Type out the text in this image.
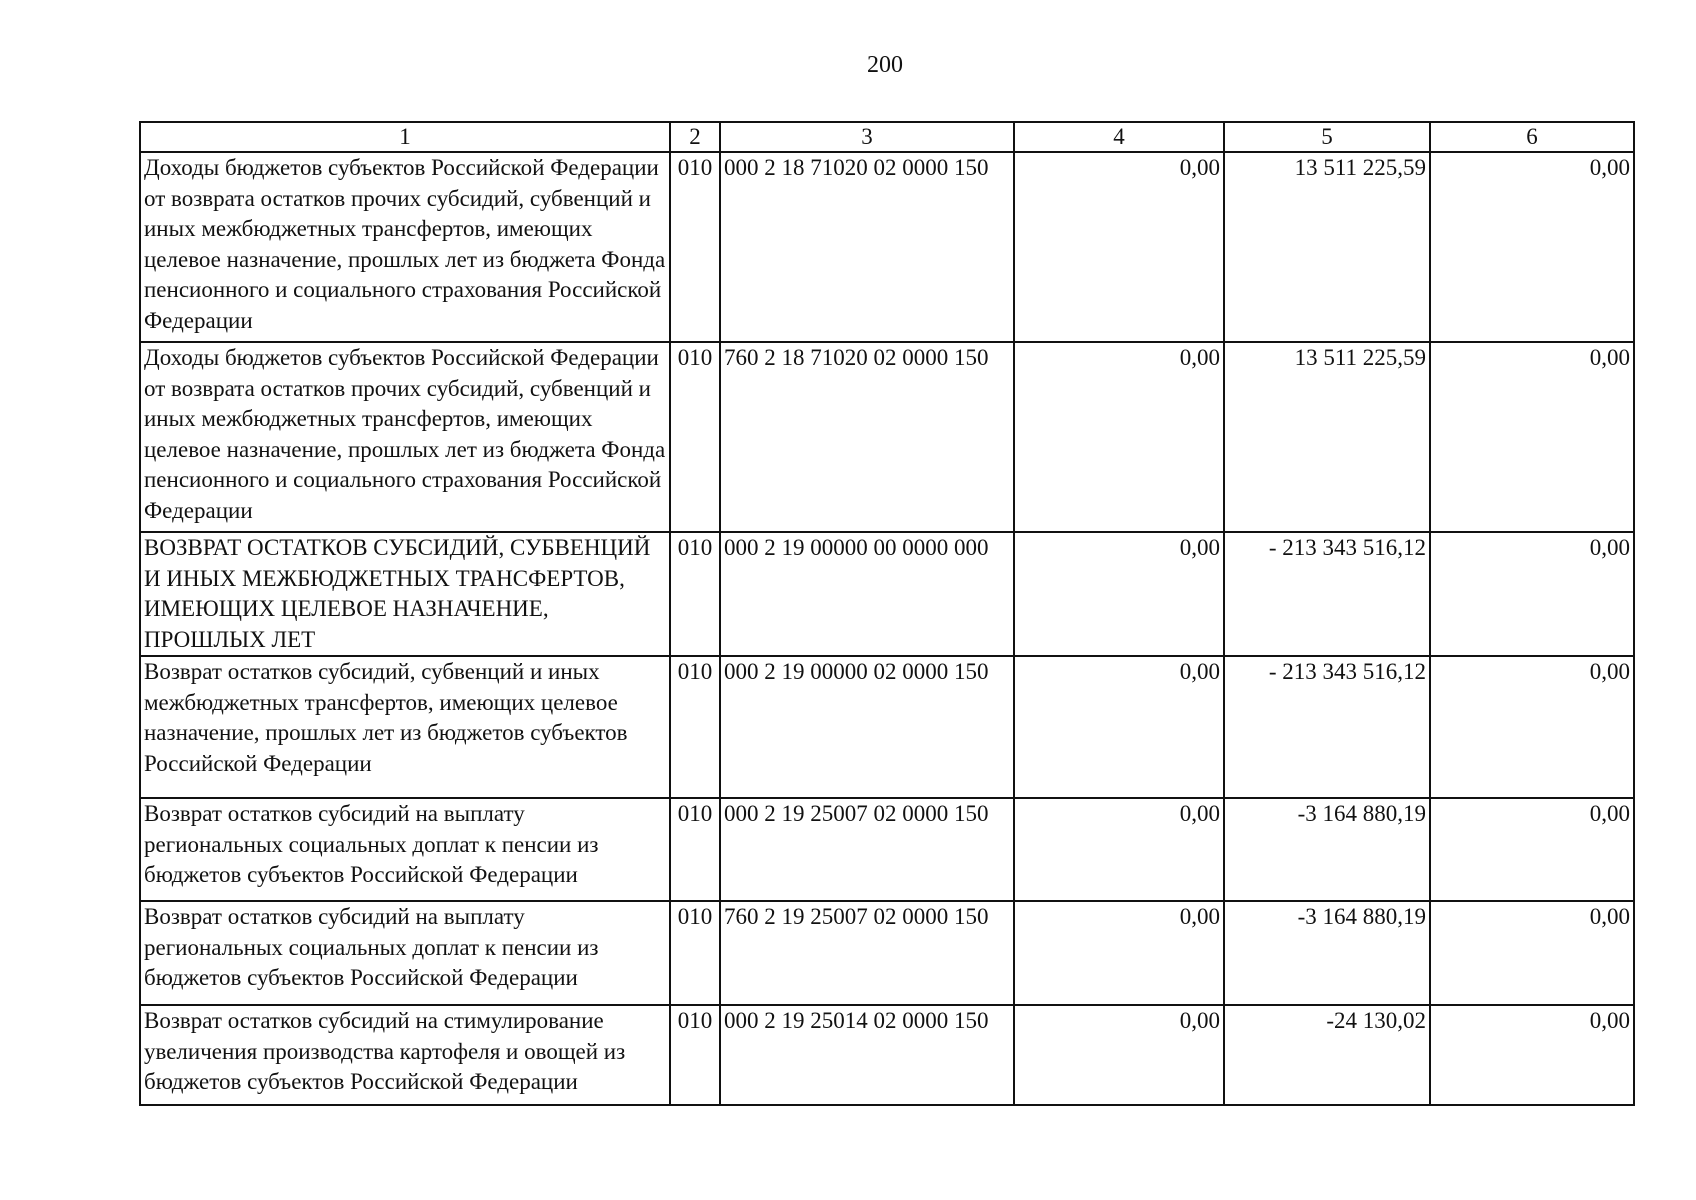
200
1	2	3	4	5	6
Доходы бюджетов субъектов Российской Федерации от возврата остатков прочих субсидий, субвенций и иных межбюджетных трансфертов, имеющих целевое назначение, прошлых лет из бюджета Фонда пенсионного и социального страхования Российской Федерации	010	000 2 18 71020 02 0000 150	0,00	13 511 225,59	0,00
Доходы бюджетов субъектов Российской Федерации от возврата остатков прочих субсидий, субвенций и иных межбюджетных трансфертов, имеющих целевое назначение, прошлых лет из бюджета Фонда пенсионного и социального страхования Российской Федерации	010	760 2 18 71020 02 0000 150	0,00	13 511 225,59	0,00
ВОЗВРАТ ОСТАТКОВ СУБСИДИЙ, СУБВЕНЦИЙ И ИНЫХ МЕЖБЮДЖЕТНЫХ ТРАНСФЕРТОВ, ИМЕЮЩИХ ЦЕЛЕВОЕ НАЗНАЧЕНИЕ, ПРОШЛЫХ ЛЕТ	010	000 2 19 00000 00 0000 000	0,00	- 213 343 516,12	0,00
Возврат остатков субсидий, субвенций и иных межбюджетных трансфертов, имеющих целевое назначение, прошлых лет из бюджетов субъектов Российской Федерации	010	000 2 19 00000 02 0000 150	0,00	- 213 343 516,12	0,00
Возврат остатков субсидий на выплату региональных социальных доплат к пенсии из бюджетов субъектов Российской Федерации	010	000 2 19 25007 02 0000 150	0,00	-3 164 880,19	0,00
Возврат остатков субсидий на выплату региональных социальных доплат к пенсии из бюджетов субъектов Российской Федерации	010	760 2 19 25007 02 0000 150	0,00	-3 164 880,19	0,00
Возврат остатков субсидий на стимулирование увеличения производства картофеля и овощей из бюджетов субъектов Российской Федерации	010	000 2 19 25014 02 0000 150	0,00	-24 130,02	0,00
